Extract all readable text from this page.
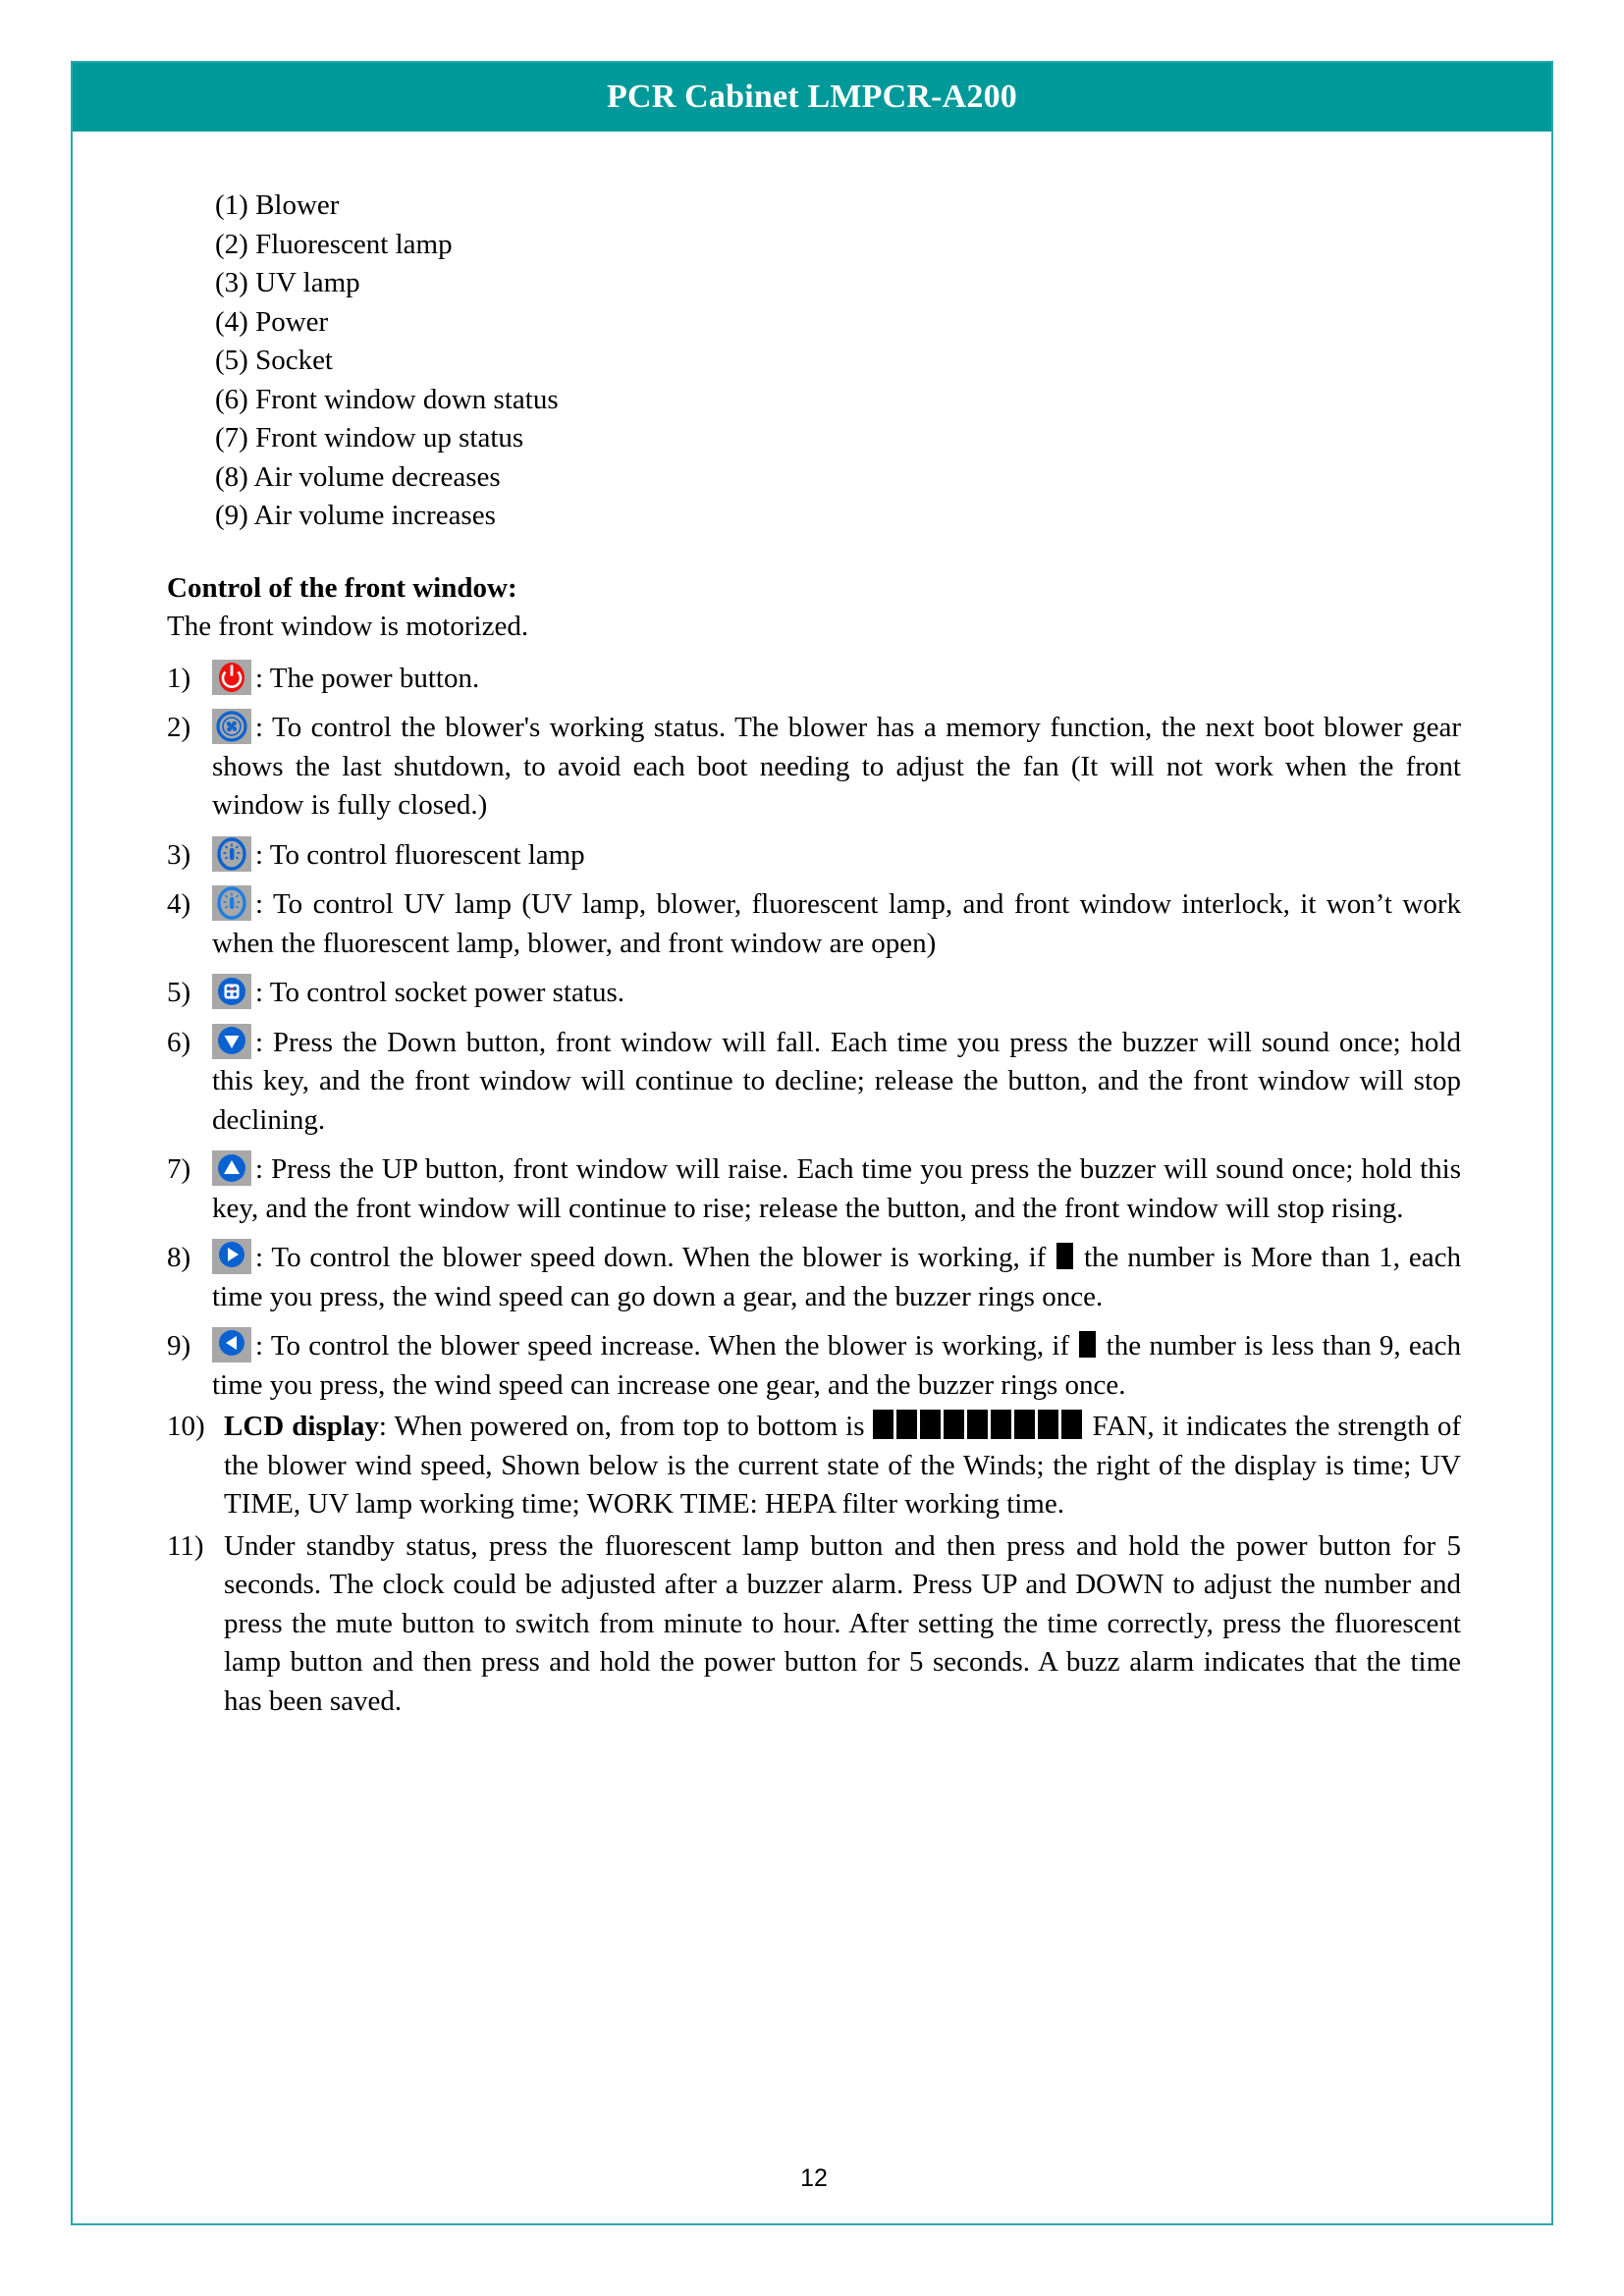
PCR Cabinet LMPCR-A200
(1) Blower
(2) Fluorescent lamp
(3) UV lamp
(4) Power
(5) Socket
(6) Front window down status
(7) Front window up status
(8) Air volume decreases
(9) Air volume increases
Control of the front window:
The front window is motorized.
1)	: The power button.
2)	: To control the blower's working status. The blower has a memory function, the next boot blower gear shows the last shutdown, to avoid each boot needing to adjust the fan (It will not work when the front window is fully closed.)
3)	: To control fluorescent lamp
4)	: To control UV lamp (UV lamp, blower, fluorescent lamp, and front window interlock, it won’t work when the fluorescent lamp, blower, and front window are open)
5)	: To control socket power status.
6)	: Press the Down button, front window will fall. Each time you press the buzzer will sound once; hold this key, and the front window will continue to decline; release the button, and the front window will stop declining.
7)	: Press the UP button, front window will raise. Each time you press the buzzer will sound once; hold this key, and the front window will continue to rise; release the button, and the front window will stop rising.
8)	: To control the blower speed down. When the blower is working, if  the number is More than 1, each time you press, the wind speed can go down a gear, and the buzzer rings once.
9)	: To control the blower speed increase. When the blower is working, if  the number is less than 9, each time you press, the wind speed can increase one gear, and the buzzer rings once.
10) LCD display: When powered on, from top to bottom is	FAN, it indicates the strength of the blower wind speed, Shown below is the current state of the Winds; the right of the display is time; UV TIME, UV lamp working time; WORK TIME: HEPA filter working time.
11) Under standby status, press the fluorescent lamp button and then press and hold the power button for 5 seconds. The clock could be adjusted after a buzzer alarm. Press UP and DOWN to adjust the number and press the mute button to switch from minute to hour. After setting the time correctly, press the fluorescent lamp button and then press and hold the power button for 5 seconds. A buzz alarm indicates that the time has been saved.
12
